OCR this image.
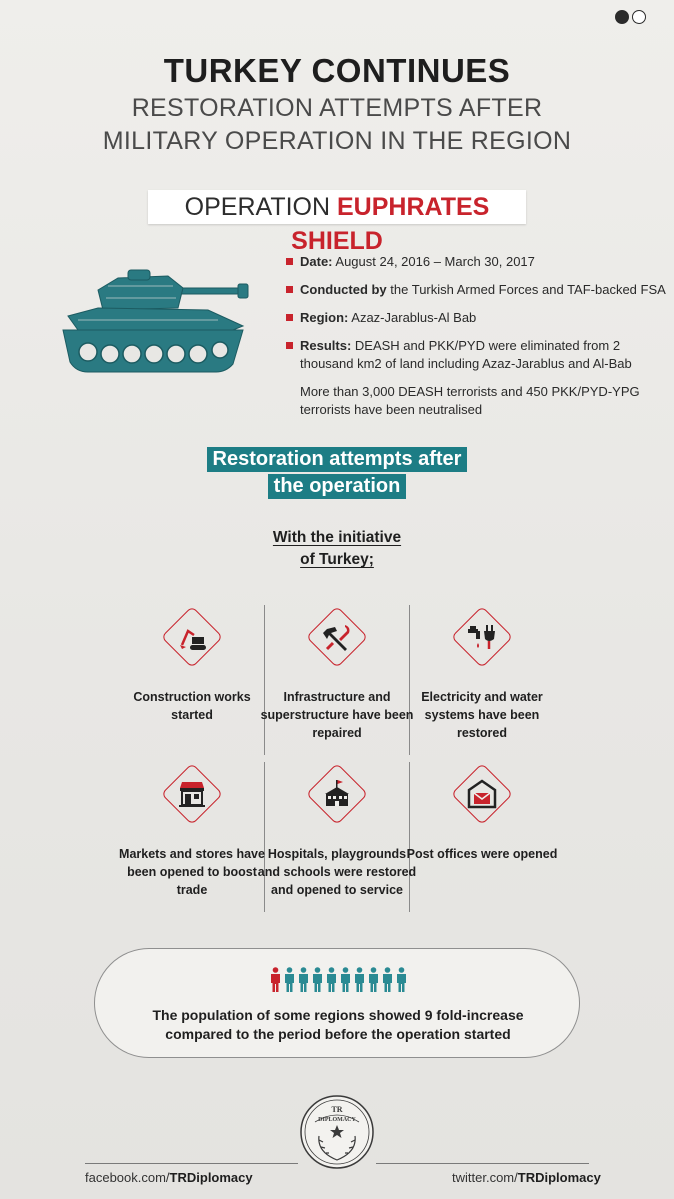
TURKEY CONTINUES
RESTORATION ATTEMPTS AFTER
MILITARY OPERATION IN THE REGION
OPERATION EUPHRATES SHIELD
Date: August 24, 2016 – March 30, 2017
Conducted by the Turkish Armed Forces and TAF-backed FSA
Region: Azaz-Jarablus-Al Bab
Results: DEASH and PKK/PYD were eliminated from 2 thousand km2 of land including Azaz-Jarablus and Al-Bab
More than 3,000 DEASH terrorists and 450 PKK/PYD-YPG terrorists have been neutralised
Restoration attempts after
the operation
With the initiative
of Turkey;
Construction works started
Infrastructure and superstructure have been repaired
Electricity and water systems have been restored
Markets and stores have been opened to boost trade
Hospitals, playgrounds and schools were restored and opened to service
Post offices were opened
The population of some regions showed 9 fold-increase
compared to the period before the operation started
TR
DIPLOMACY
facebook.com/TRDiplomacy	twitter.com/TRDiplomacy
